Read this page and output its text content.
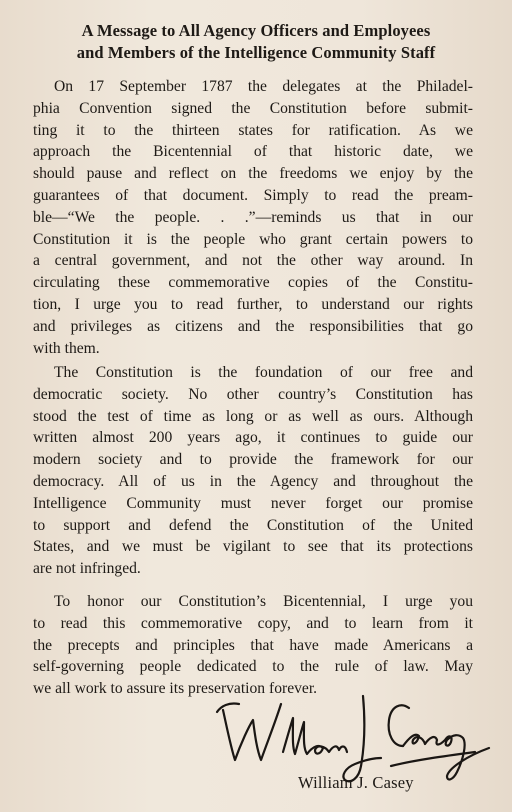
A Message to All Agency Officers and Employees
and Members of the Intelligence Community Staff
On 17 September 1787 the delegates at the Philadel-
phia Convention signed the Constitution before submit-
ting it to the thirteen states for ratification. As we
approach the Bicentennial of that historic date, we
should pause and reflect on the freedoms we enjoy by the
guarantees of that document. Simply to read the pream-
ble—“We the people. . .”—reminds us that in our
Constitution it is the people who grant certain powers to
a central government, and not the other way around. In
circulating these commemorative copies of the Constitu-
tion, I urge you to read further, to understand our rights
and privileges as citizens and the responsibilities that go
with them.
The Constitution is the foundation of our free and
democratic society. No other country’s Constitution has
stood the test of time as long or as well as ours. Although
written almost 200 years ago, it continues to guide our
modern society and to provide the framework for our
democracy. All of us in the Agency and throughout the
Intelligence Community must never forget our promise
to support and defend the Constitution of the United
States, and we must be vigilant to see that its protections
are not infringed.
To honor our Constitution’s Bicentennial, I urge you
to read this commemorative copy, and to learn from it
the precepts and principles that have made Americans a
self-governing people dedicated to the rule of law. May
we all work to assure its preservation forever.
William J. Casey
